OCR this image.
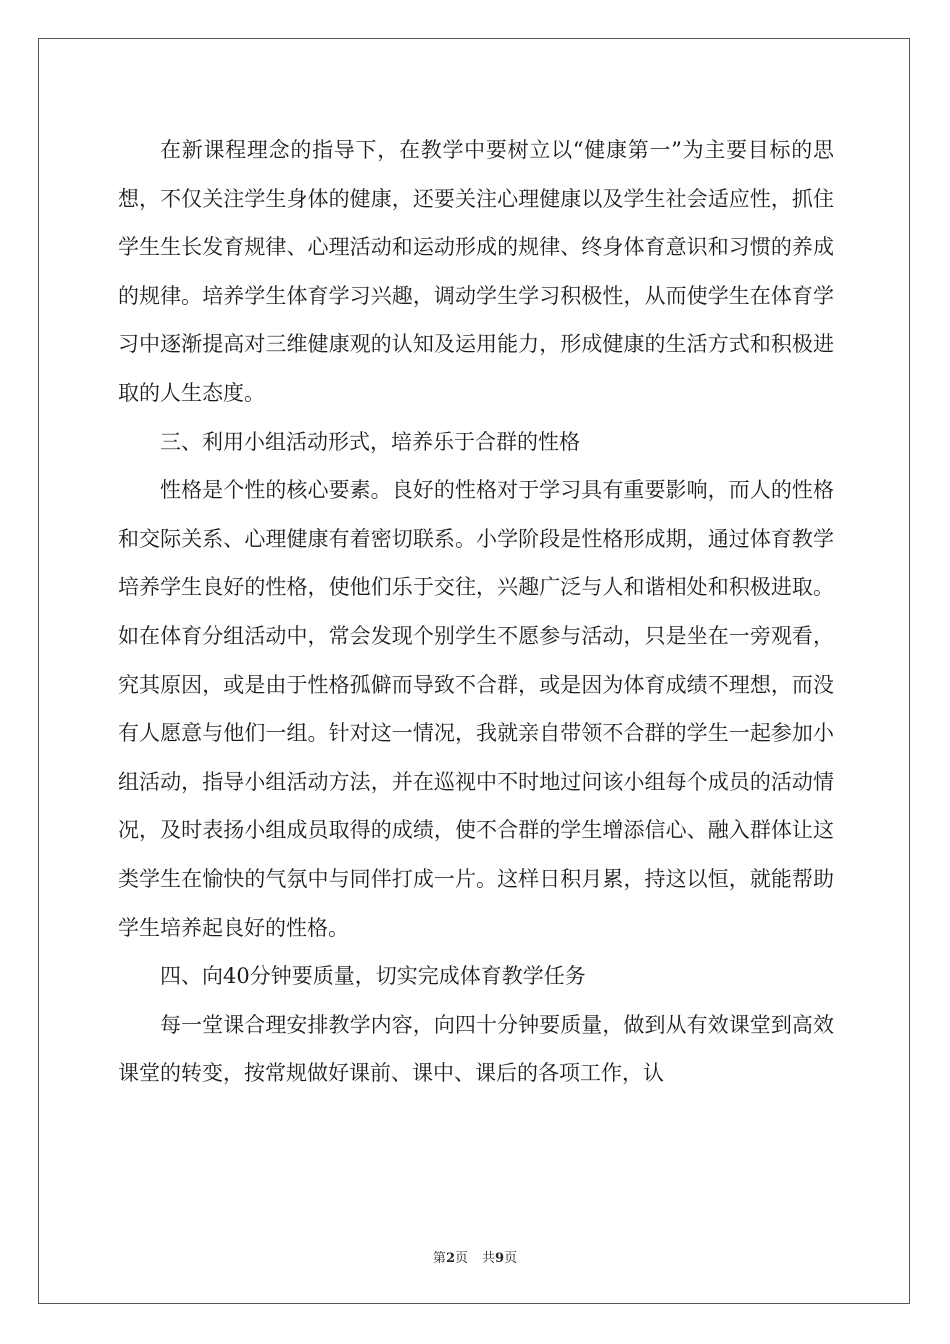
在新课程理念的指导下，在教学中要树立以“健康第一”为主要目标的思想，不仅关注学生身体的健康，还要关注心理健康以及学生社会适应性，抓住学生生长发育规律、心理活动和运动形成的规律、终身体育意识和习惯的养成的规律。培养学生体育学习兴趣，调动学生学习积极性，从而使学生在体育学习中逐渐提高对三维健康观的认知及运用能力，形成健康的生活方式和积极进取的人生态度。

三、利用小组活动形式，培养乐于合群的性格

性格是个性的核心要素。良好的性格对于学习具有重要影响，而人的性格和交际关系、心理健康有着密切联系。小学阶段是性格形成期，通过体育教学培养学生良好的性格，使他们乐于交往，兴趣广泛与人和谐相处和积极进取。如在体育分组活动中，常会发现个别学生不愿参与活动，只是坐在一旁观看，究其原因，或是由于性格孤僻而导致不合群，或是因为体育成绩不理想，而没有人愿意与他们一组。针对这一情况，我就亲自带领不合群的学生一起参加小组活动，指导小组活动方法，并在巡视中不时地过问该小组每个成员的活动情况，及时表扬小组成员取得的成绩，使不合群的学生增添信心、融入群体让这类学生在愉快的气氛中与同伴打成一片。这样日积月累，持这以恒，就能帮助学生培养起良好的性格。

四、向40分钟要质量，切实完成体育教学任务

每一堂课合理安排教学内容，向四十分钟要质量，做到从有效课堂到高效课堂的转变，按常规做好课前、课中、课后的各项工作，认

第2页 共9页
